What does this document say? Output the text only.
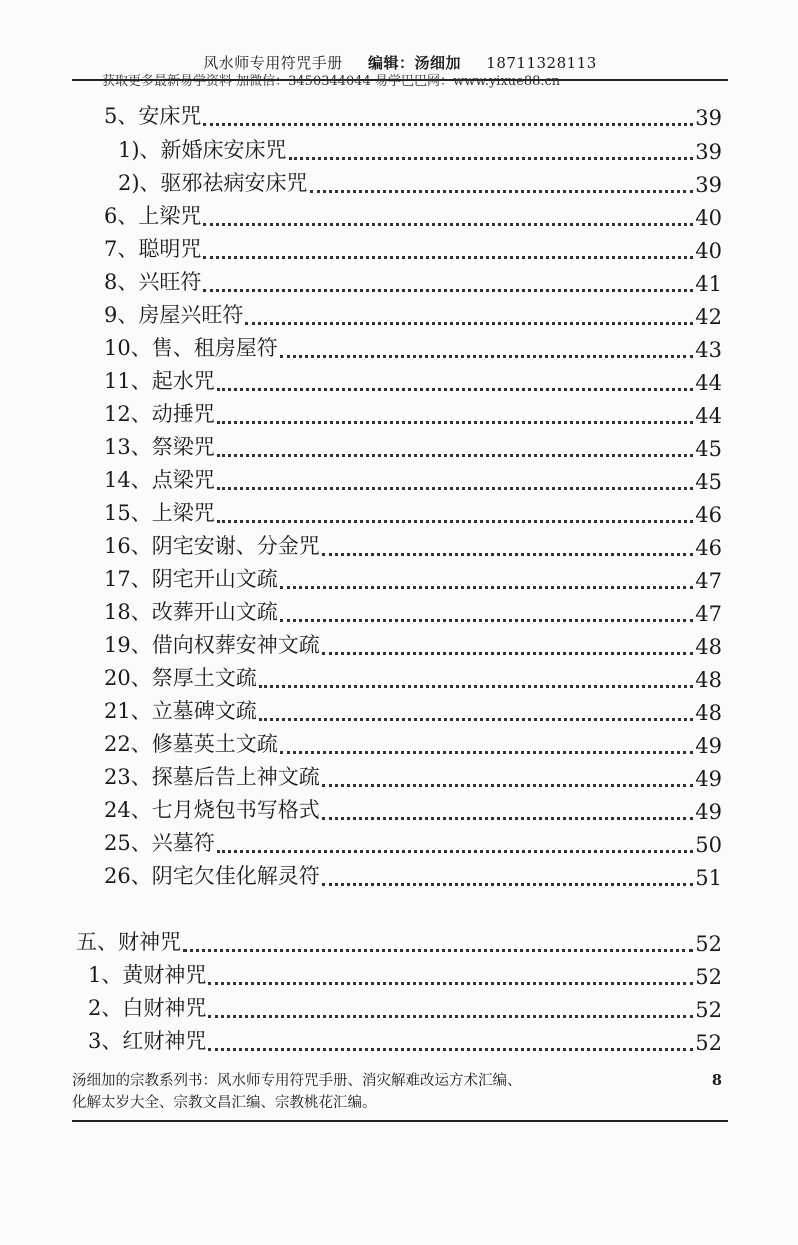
风水师专用符咒手册 编辑：汤细加 18711328113
获取更多最新易学资料 加微信：3450344044 易学巴巴网：www.yixue88.cn
5、安床咒	39
1)、新婚床安床咒	39
2)、驱邪祛病安床咒	39
6、上梁咒	40
7、聪明咒	40
8、兴旺符	41
9、房屋兴旺符	42
10、售、租房屋符	43
11、起水咒	44
12、动捶咒	44
13、祭梁咒	45
14、点梁咒	45
15、上梁咒	46
16、阴宅安谢、分金咒	46
17、阴宅开山文疏	47
18、改葬开山文疏	47
19、借向权葬安神文疏	48
20、祭厚土文疏	48
21、立墓碑文疏	48
22、修墓英土文疏	49
23、探墓后告上神文疏	49
24、七月烧包书写格式	49
25、兴墓符	50
26、阴宅欠佳化解灵符	51
五、财神咒	52
1、黄财神咒	52
2、白财神咒	52
3、红财神咒	52
汤细加的宗教系列书：风水师专用符咒手册、消灾解难改运方术汇编、
化解太岁大全、宗教文昌汇编、宗教桃花汇编。
8
